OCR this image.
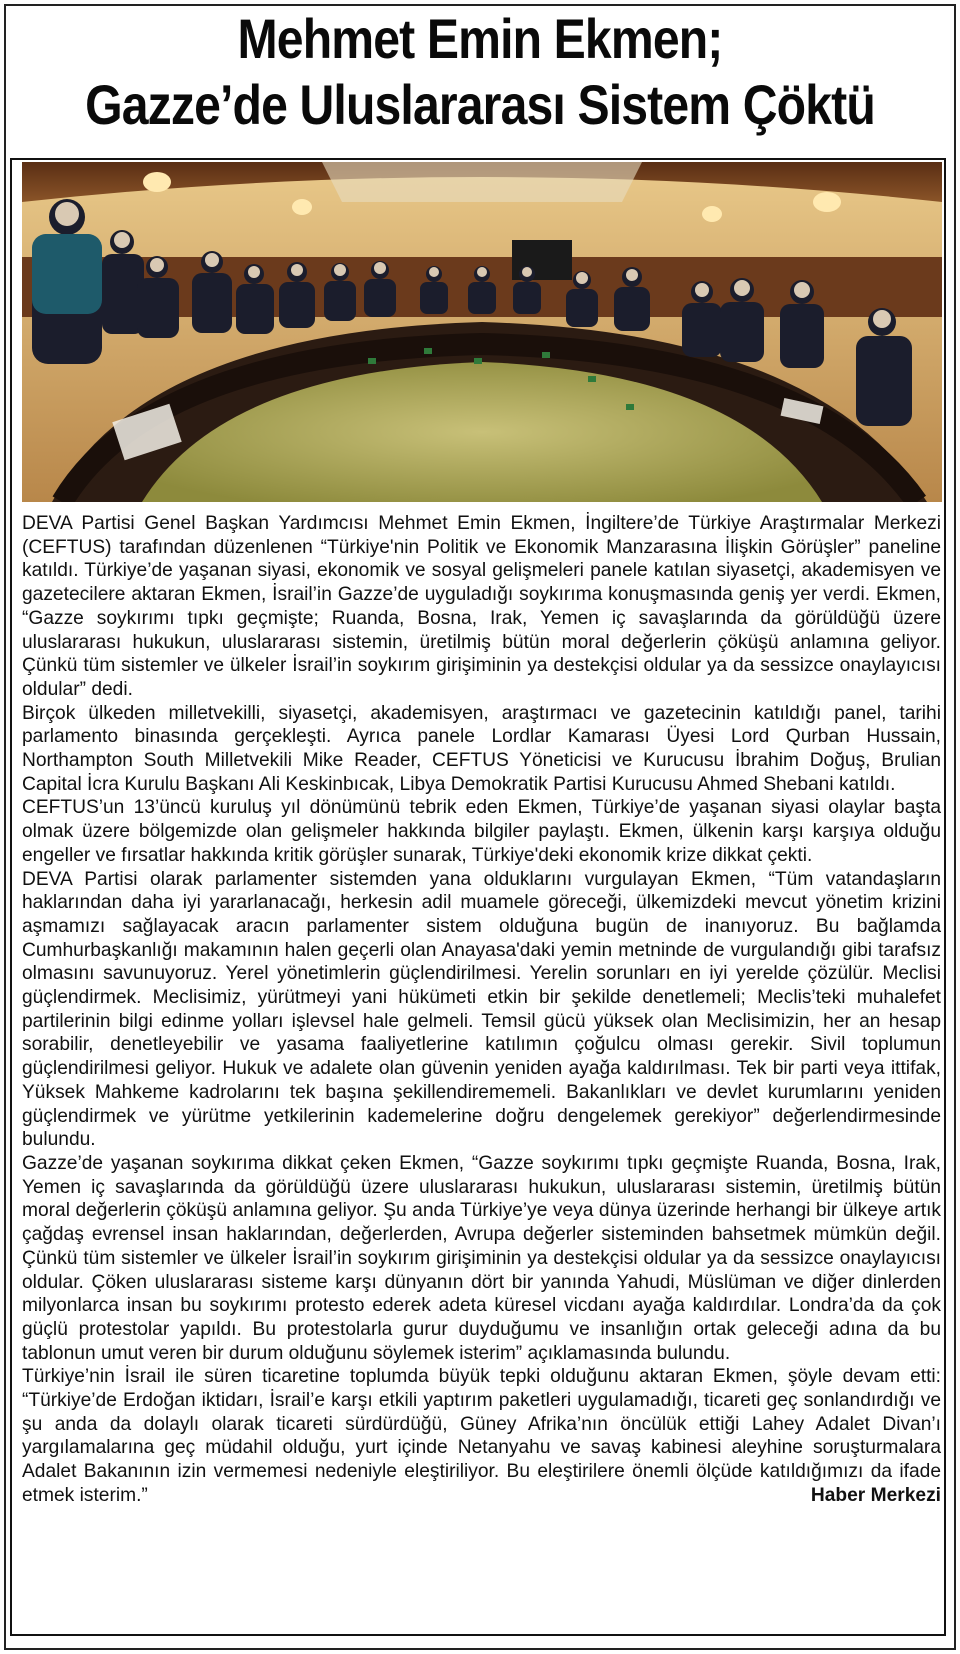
Mehmet Emin Ekmen;
Gazze’de Uluslararası Sistem Çöktü

DEVA Partisi Genel Başkan Yardımcısı Mehmet Emin Ekmen, İngiltere’de Türkiye Araştırmalar Merkezi (CEFTUS) tarafından düzenlenen “Türkiye'nin Politik ve Ekonomik Manzarasına İlişkin Görüşler” paneline katıldı. Türkiye’de yaşanan siyasi, ekonomik ve sosyal gelişmeleri panele katılan siyasetçi, akademisyen ve gazetecilere aktaran Ekmen, İsrail’in Gazze’de uyguladığı soykırıma konuşmasında geniş yer verdi. Ekmen, “Gazze soykırımı tıpkı geçmişte; Ruanda, Bosna, Irak, Yemen iç savaşlarında da görüldüğü üzere uluslararası hukukun, uluslararası sistemin, üretilmiş bütün moral değerlerin çöküşü anlamına geliyor. Çünkü tüm sistemler ve ülkeler İsrail’in soykırım girişiminin ya destekçisi oldular ya da sessizce onaylayıcısı oldular” dedi.

Birçok ülkeden milletvekilli, siyasetçi, akademisyen, araştırmacı ve gazetecinin katıldığı panel, tarihi parlamento binasında gerçekleşti. Ayrıca panele Lordlar Kamarası Üyesi Lord Qurban Hussain, Northampton South Milletvekili Mike Reader, CEFTUS Yöneticisi ve Kurucusu İbrahim Doğuş, Brulian Capital İcra Kurulu Başkanı Ali Keskinbıcak, Libya Demokratik Partisi Kurucusu Ahmed Shebani katıldı.

CEFTUS’un 13’üncü kuruluş yıl dönümünü tebrik eden Ekmen, Türkiye’de yaşanan siyasi olaylar başta olmak üzere bölgemizde olan gelişmeler hakkında bilgiler paylaştı. Ekmen, ülkenin karşı karşıya olduğu engeller ve fırsatlar hakkında kritik görüşler sunarak, Türkiye'deki ekonomik krize dikkat çekti.

DEVA Partisi olarak parlamenter sistemden yana olduklarını vurgulayan Ekmen, “Tüm vatandaşların haklarından daha iyi yararlanacağı, herkesin adil muamele göreceği, ülkemizdeki mevcut yönetim krizini aşmamızı sağlayacak aracın parlamenter sistem olduğuna bugün de inanıyoruz. Bu bağlamda Cumhurbaşkanlığı makamının halen geçerli olan Anayasa'daki yemin metninde de vurgulandığı gibi tarafsız olmasını savunuyoruz. Yerel yönetimlerin güçlendirilmesi. Yerelin sorunları en iyi yerelde çözülür. Meclisi güçlendirmek. Meclisimiz, yürütmeyi yani hükümeti etkin bir şekilde denetlemeli; Meclis’teki muhalefet partilerinin bilgi edinme yolları işlevsel hale gelmeli. Temsil gücü yüksek olan Meclisimizin, her an hesap sorabilir, denetleyebilir ve yasama faaliyetlerine katılımın çoğulcu olması gerekir. Sivil toplumun güçlendirilmesi geliyor. Hukuk ve adalete olan güvenin yeniden ayağa kaldırılması. Tek bir parti veya ittifak, Yüksek Mahkeme kadrolarını tek başına şekillendirememeli. Bakanlıkları ve devlet kurumlarını yeniden güçlendirmek ve yürütme yetkilerinin kademelerine doğru dengelemek gerekiyor” değerlendirmesinde bulundu.

Gazze’de yaşanan soykırıma dikkat çeken Ekmen, “Gazze soykırımı tıpkı geçmişte Ruanda, Bosna, Irak, Yemen iç savaşlarında da görüldüğü üzere uluslararası hukukun, uluslararası sistemin, üretilmiş bütün moral değerlerin çöküşü anlamına geliyor. Şu anda Türkiye’ye veya dünya üzerinde herhangi bir ülkeye artık çağdaş evrensel insan haklarından, değerlerden, Avrupa değerler sisteminden bahsetmek mümkün değil. Çünkü tüm sistemler ve ülkeler İsrail’in soykırım girişiminin ya destekçisi oldular ya da sessizce onaylayıcısı oldular. Çöken uluslararası sisteme karşı dünyanın dört bir yanında Yahudi, Müslüman ve diğer dinlerden milyonlarca insan bu soykırımı protesto ederek adeta küresel vicdanı ayağa kaldırdılar. Londra’da da çok güçlü protestolar yapıldı. Bu protestolarla gurur duyduğumu ve insanlığın ortak geleceği adına da bu tablonun umut veren bir durum olduğunu söylemek isterim” açıklamasında bulundu.

Türkiye’nin İsrail ile süren ticaretine toplumda büyük tepki olduğunu aktaran Ekmen, şöyle devam etti: “Türkiye’de Erdoğan iktidarı, İsrail’e karşı etkili yaptırım paketleri uygulamadığı, ticareti geç sonlandırdığı ve şu anda da dolaylı olarak ticareti sürdürdüğü, Güney Afrika’nın öncülük ettiği Lahey Adalet Divan’ı yargılamalarına geç müdahil olduğu, yurt içinde Netanyahu ve savaş kabinesi aleyhine soruşturmalara Adalet Bakanının izin vermemesi nedeniyle eleştiriliyor. Bu eleştirilere önemli ölçüde katıldığımızı da ifade etmek isterim.”	Haber Merkezi
